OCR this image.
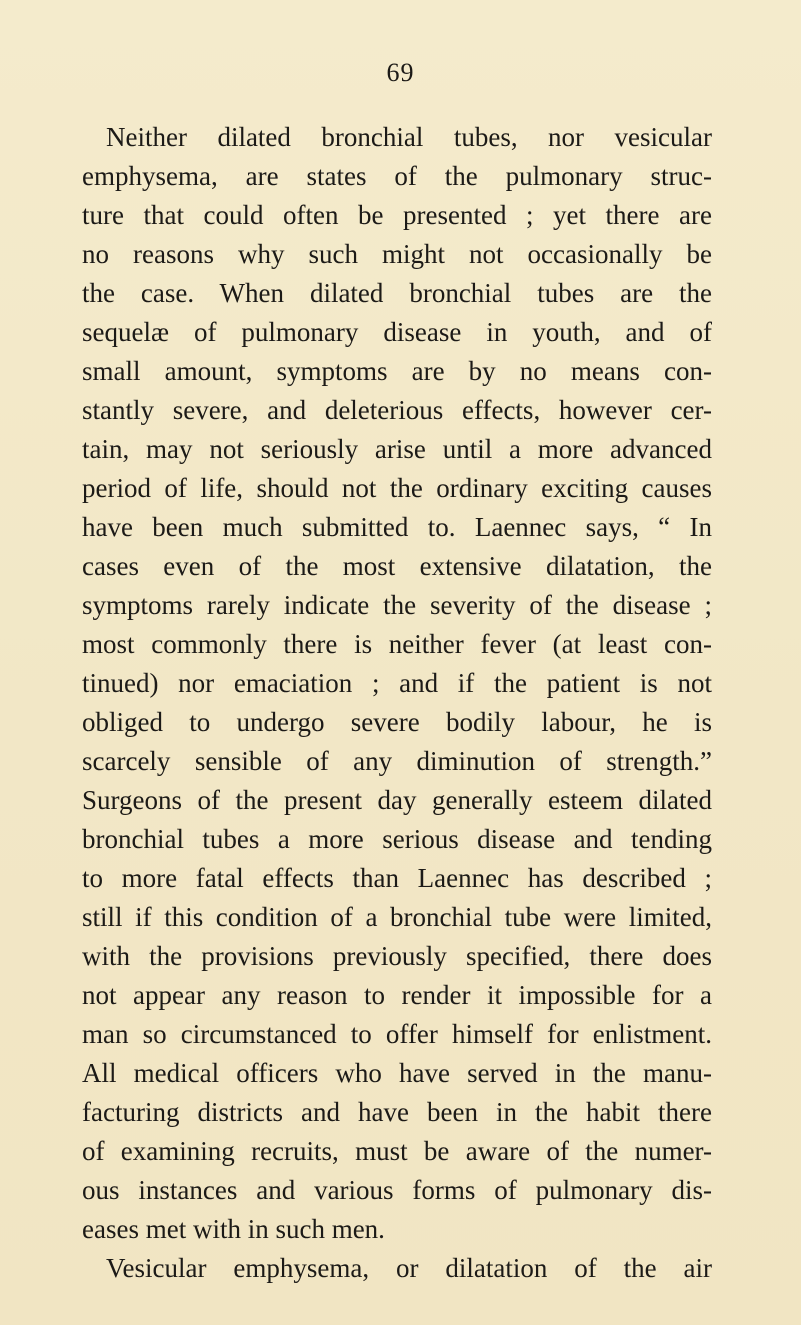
69
Neither dilated bronchial tubes, nor vesicular
emphysema, are states of the pulmonary struc-
ture that could often be presented ; yet there are
no reasons why such might not occasionally be
the case. When dilated bronchial tubes are the
sequelæ of pulmonary disease in youth, and of
small amount, symptoms are by no means con-
stantly severe, and deleterious effects, however cer-
tain, may not seriously arise until a more advanced
period of life, should not the ordinary exciting causes
have been much submitted to. Laennec says, “ In
cases even of the most extensive dilatation, the
symptoms rarely indicate the severity of the disease ;
most commonly there is neither fever (at least con-
tinued) nor emaciation ; and if the patient is not
obliged to undergo severe bodily labour, he is
scarcely sensible of any diminution of strength.”
Surgeons of the present day generally esteem dilated
bronchial tubes a more serious disease and tending
to more fatal effects than Laennec has described ;
still if this condition of a bronchial tube were limited,
with the provisions previously specified, there does
not appear any reason to render it impossible for a
man so circumstanced to offer himself for enlistment.
All medical officers who have served in the manu-
facturing districts and have been in the habit there
of examining recruits, must be aware of the numer-
ous instances and various forms of pulmonary dis-
eases met with in such men.
Vesicular emphysema, or dilatation of the air
